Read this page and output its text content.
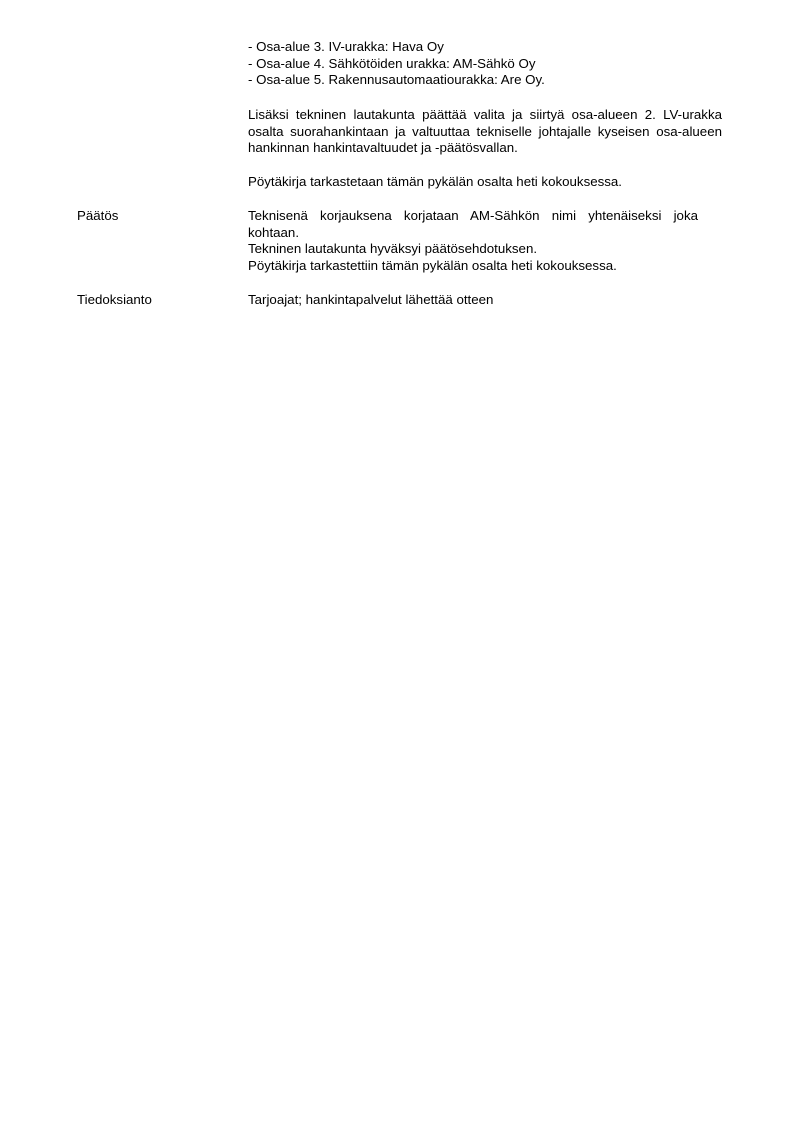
- Osa-alue 3. IV-urakka: Hava Oy
- Osa-alue 4. Sähkötöiden urakka: AM-Sähkö Oy
- Osa-alue 5. Rakennusautomaatiourakka: Are Oy.
Lisäksi tekninen lautakunta päättää valita ja siirtyä osa-alueen 2. LV-urakka osalta suorahankintaan ja valtuuttaa tekniselle johtajalle kyseisen osa-alueen hankinnan hankintavaltuudet ja -päätösvallan.
Pöytäkirja tarkastetaan tämän pykälän osalta heti kokouksessa.
Päätös	Teknisenä korjauksena korjataan AM-Sähkön nimi yhtenäiseksi joka kohtaan.
Tekninen lautakunta hyväksyi päätösehdotuksen.
Pöytäkirja tarkastettiin tämän pykälän osalta heti kokouksessa.
Tiedoksianto	Tarjoajat; hankintapalvelut lähettää otteen
